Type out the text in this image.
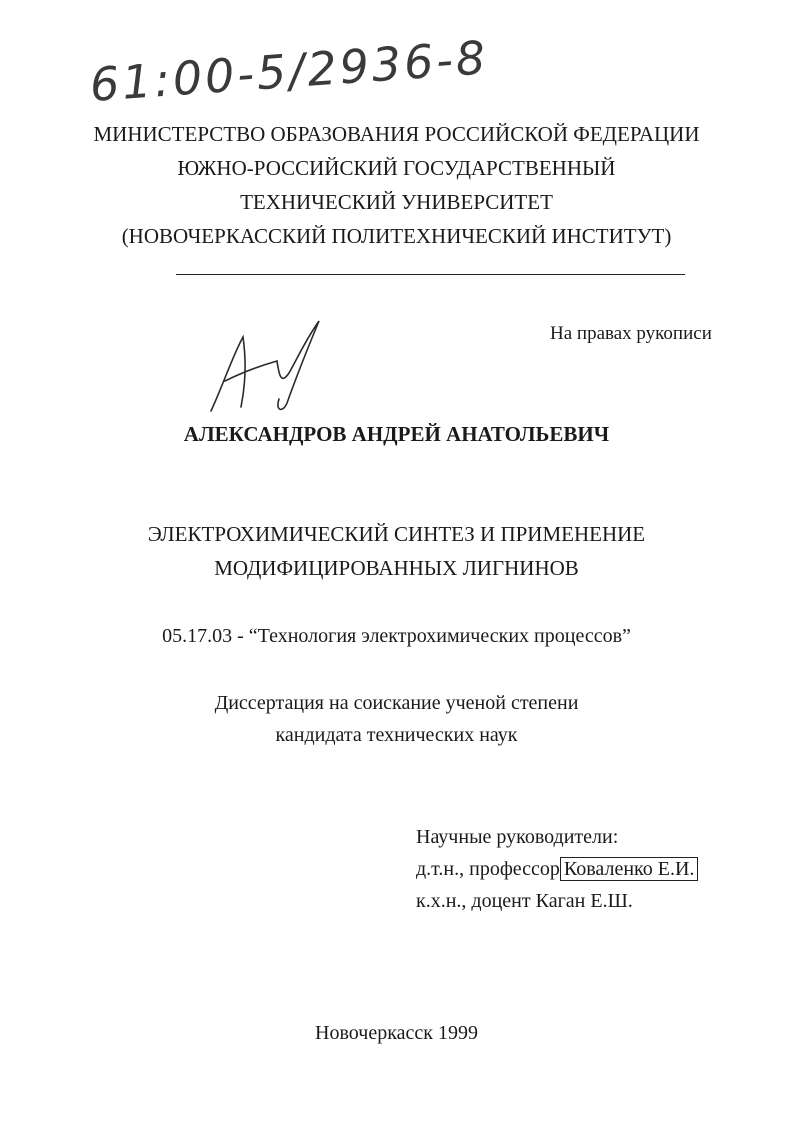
61:00-5/2936-8
МИНИСТЕРСТВО ОБРАЗОВАНИЯ РОССИЙСКОЙ ФЕДЕРАЦИИ
ЮЖНО-РОССИЙСКИЙ ГОСУДАРСТВЕННЫЙ
ТЕХНИЧЕСКИЙ УНИВЕРСИТЕТ
(НОВОЧЕРКАССКИЙ ПОЛИТЕХНИЧЕСКИЙ ИНСТИТУТ)
На правах рукописи
АЛЕКСАНДРОВ АНДРЕЙ АНАТОЛЬЕВИЧ
ЭЛЕКТРОХИМИЧЕСКИЙ СИНТЕЗ И ПРИМЕНЕНИЕ
МОДИФИЦИРОВАННЫХ ЛИГНИНОВ
05.17.03 - “Технология электрохимических процессов”
Диссертация на соискание ученой степени
кандидата технических наук
Научные руководители:
д.т.н., профессор Коваленко Е.И.
к.х.н., доцент Каган Е.Ш.
Новочеркасск 1999
